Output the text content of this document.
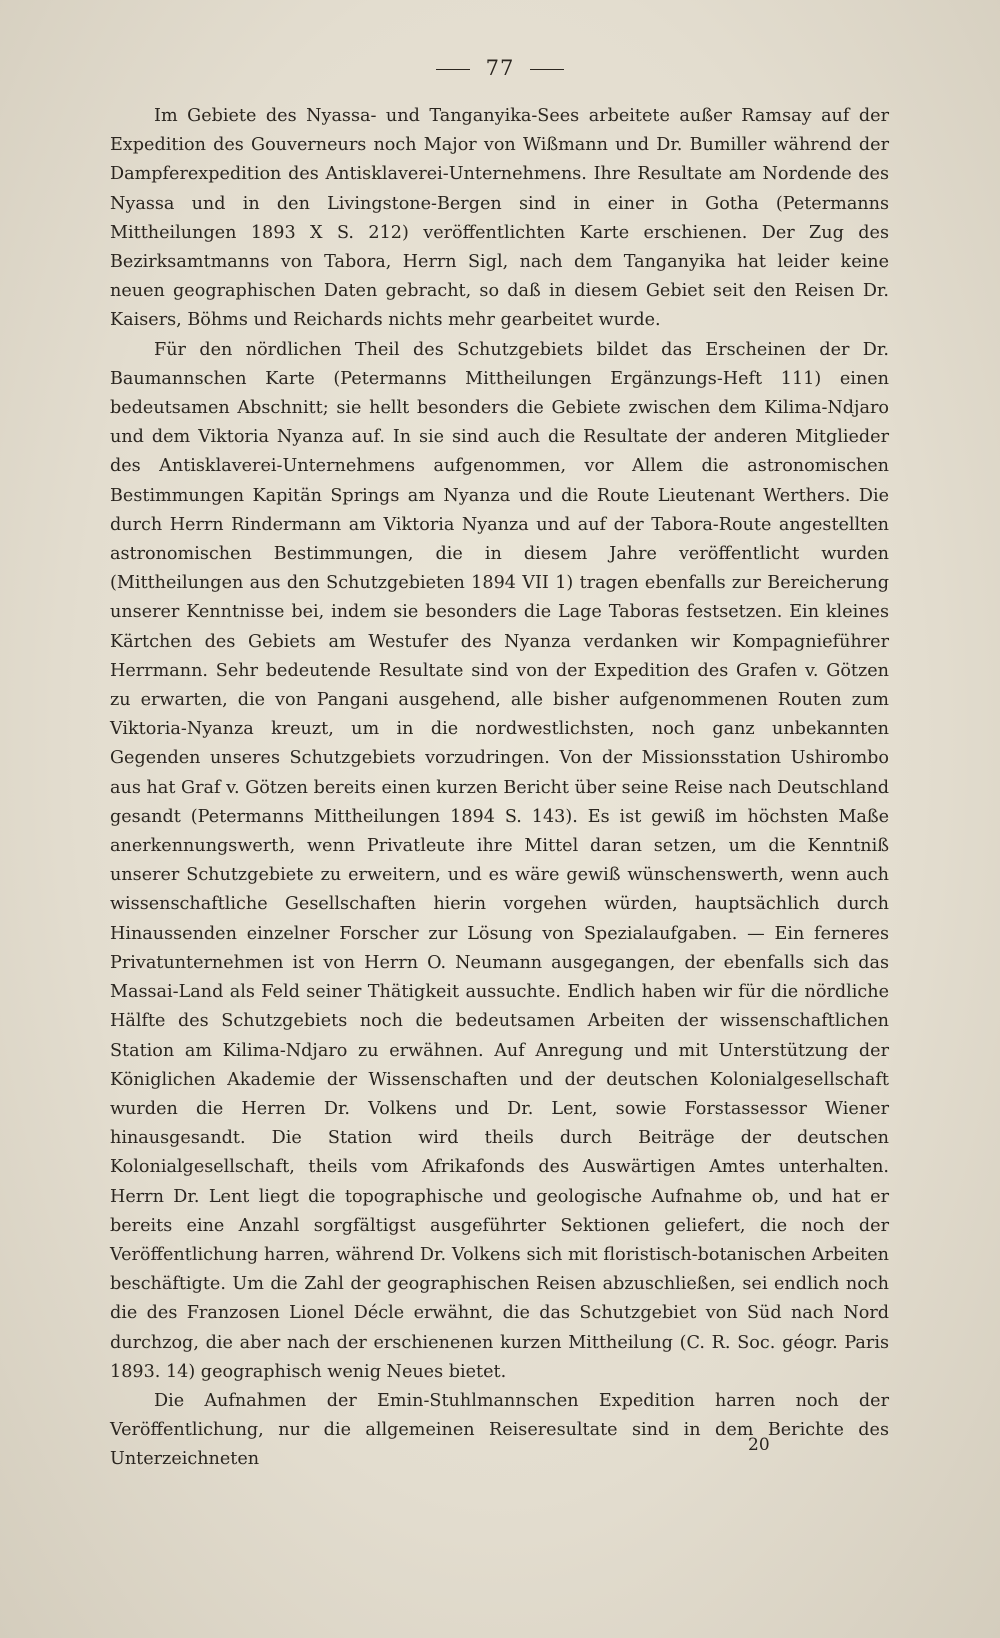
77

Im Gebiete des Nyassa- und Tanganyika-Sees arbeitete außer Ramsay auf der Expedition des Gouverneurs noch Major von Wißmann und Dr. Bumiller während der Dampferexpedition des Antisklaverei-Unternehmens. Ihre Resultate am Nordende des Nyassa und in den Livingstone-Bergen sind in einer in Gotha (Petermanns Mittheilungen 1893 X S. 212) veröffentlichten Karte erschienen. Der Zug des Bezirksamtmanns von Tabora, Herrn Sigl, nach dem Tanganyika hat leider keine neuen geographischen Daten gebracht, so daß in diesem Gebiet seit den Reisen Dr. Kaisers, Böhms und Reichards nichts mehr gearbeitet wurde.

Für den nördlichen Theil des Schutzgebiets bildet das Erscheinen der Dr. Baumannschen Karte (Petermanns Mittheilungen Ergänzungs-Heft 111) einen bedeutsamen Abschnitt; sie hellt besonders die Gebiete zwischen dem Kilima-Ndjaro und dem Viktoria Nyanza auf. In sie sind auch die Resultate der anderen Mitglieder des Antisklaverei-Unternehmens aufgenommen, vor Allem die astronomischen Bestimmungen Kapitän Springs am Nyanza und die Route Lieutenant Werthers. Die durch Herrn Rindermann am Viktoria Nyanza und auf der Tabora-Route angestellten astronomischen Bestimmungen, die in diesem Jahre veröffentlicht wurden (Mittheilungen aus den Schutzgebieten 1894 VII 1) tragen ebenfalls zur Bereicherung unserer Kenntnisse bei, indem sie besonders die Lage Taboras festsetzen. Ein kleines Kärtchen des Gebiets am Westufer des Nyanza verdanken wir Kompagnieführer Herrmann. Sehr bedeutende Resultate sind von der Expedition des Grafen v. Götzen zu erwarten, die von Pangani ausgehend, alle bisher aufgenommenen Routen zum Viktoria-Nyanza kreuzt, um in die nordwestlichsten, noch ganz unbekannten Gegenden unseres Schutzgebiets vorzudringen. Von der Missionsstation Ushirombo aus hat Graf v. Götzen bereits einen kurzen Bericht über seine Reise nach Deutschland gesandt (Petermanns Mittheilungen 1894 S. 143). Es ist gewiß im höchsten Maße anerkennungswerth, wenn Privatleute ihre Mittel daran setzen, um die Kenntniß unserer Schutzgebiete zu erweitern, und es wäre gewiß wünschenswerth, wenn auch wissenschaftliche Gesellschaften hierin vorgehen würden, hauptsächlich durch Hinaussenden einzelner Forscher zur Lösung von Spezialaufgaben. — Ein ferneres Privatunternehmen ist von Herrn O. Neumann ausgegangen, der ebenfalls sich das Massai-Land als Feld seiner Thätigkeit aussuchte. Endlich haben wir für die nördliche Hälfte des Schutzgebiets noch die bedeutsamen Arbeiten der wissenschaftlichen Station am Kilima-Ndjaro zu erwähnen. Auf Anregung und mit Unterstützung der Königlichen Akademie der Wissenschaften und der deutschen Kolonialgesellschaft wurden die Herren Dr. Volkens und Dr. Lent, sowie Forstassessor Wiener hinausgesandt. Die Station wird theils durch Beiträge der deutschen Kolonialgesellschaft, theils vom Afrikafonds des Auswärtigen Amtes unterhalten. Herrn Dr. Lent liegt die topographische und geologische Aufnahme ob, und hat er bereits eine Anzahl sorgfältigst ausgeführter Sektionen geliefert, die noch der Veröffentlichung harren, während Dr. Volkens sich mit floristisch-botanischen Arbeiten beschäftigte. Um die Zahl der geographischen Reisen abzuschließen, sei endlich noch die des Franzosen Lionel Décle erwähnt, die das Schutzgebiet von Süd nach Nord durchzog, die aber nach der erschienenen kurzen Mittheilung (C. R. Soc. géogr. Paris 1893. 14) geographisch wenig Neues bietet.

Die Aufnahmen der Emin-Stuhlmannschen Expedition harren noch der Veröffentlichung, nur die allgemeinen Reiseresultate sind in dem Berichte des Unterzeichneten

20
